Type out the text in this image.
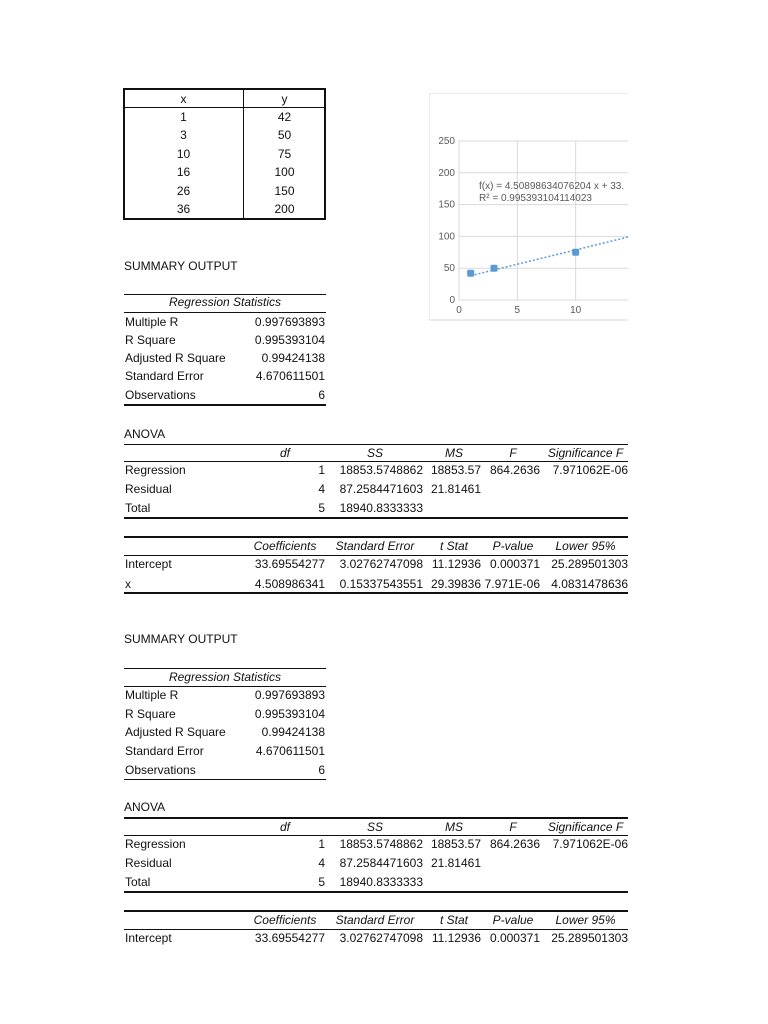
x	y
1	42
3	50
10	75
16	100
26	150
36	200
0
50
100
150
200
250
0	5	10
f(x) = 4.50898634076204 x + 33.
R² = 0.995393104114023
SUMMARY OUTPUT
Regression Statistics
Multiple R	0.997693893
R Square	0.995393104
Adjusted R Square	0.99424138
Standard Error	4.670611501
Observations	6
ANOVA
df	SS	MS	F	Significance F
Regression	1	18853.5748862 18853.57 864.2636	7.971062E-06
Residual	4	87.2584471603 21.81461
Total	5	18940.8333333
Coefficients	Standard Error	t Stat	P-value	Lower 95%
Intercept	33.69554277	3.02762747098 11.12936 0.000371 25.289501303
x	4.508986341	0.15337543551 29.39836 7.971E-06 4.0831478636
SUMMARY OUTPUT
Regression Statistics
Multiple R	0.997693893
R Square	0.995393104
Adjusted R Square	0.99424138
Standard Error	4.670611501
Observations	6
ANOVA
df	SS	MS	F	Significance F
Regression	1	18853.5748862 18853.57 864.2636	7.971062E-06
Residual	4	87.2584471603 21.81461
Total	5	18940.8333333
Coefficients	Standard Error	t Stat	P-value	Lower 95%
Intercept	33.69554277	3.02762747098 11.12936 0.000371 25.289501303
